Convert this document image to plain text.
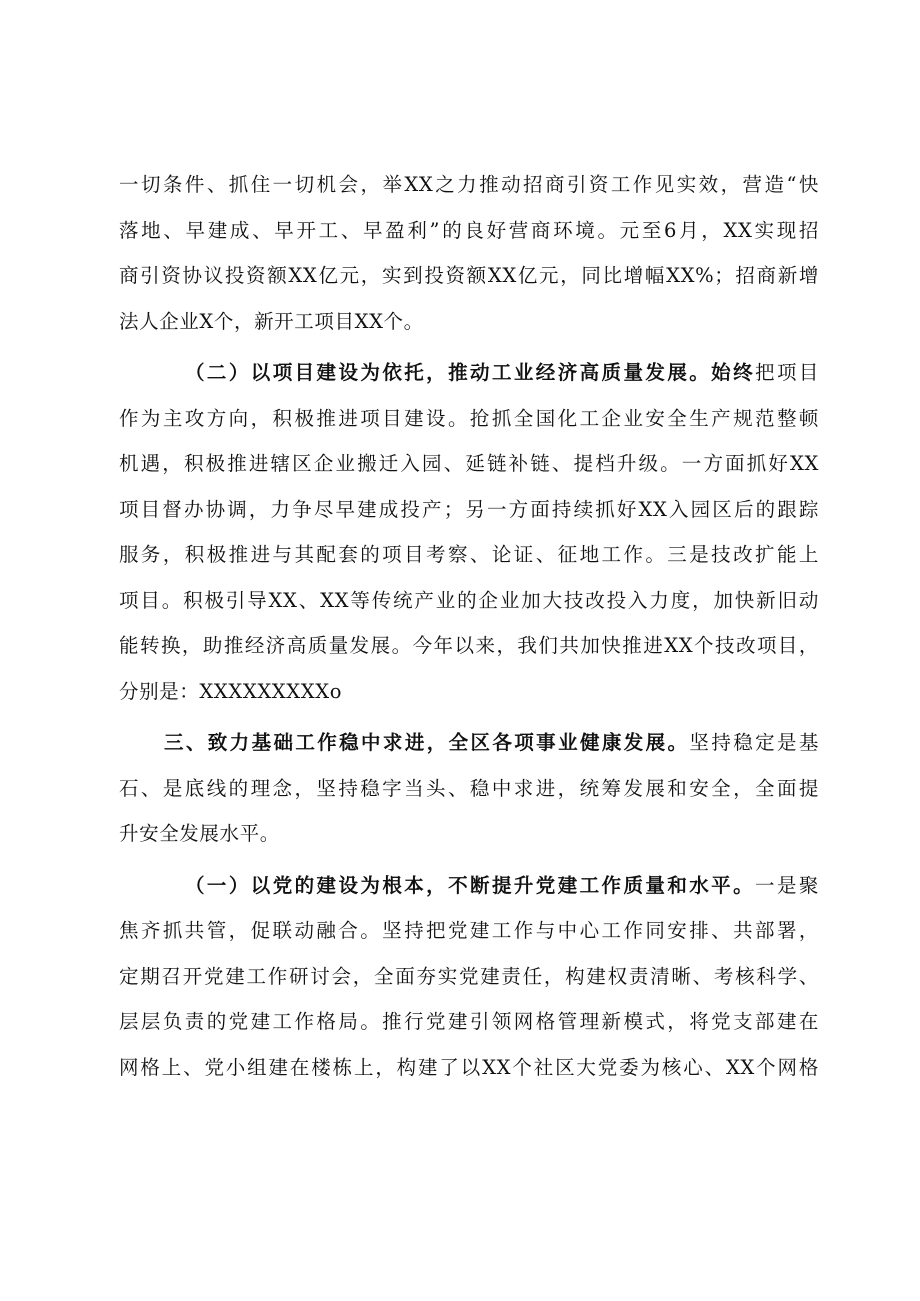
一切条件、抓住一切机会，举XX之力推动招商引资工作见实效，营造“快
落地、早建成、早开工、早盈利”的良好营商环境。元至6月，XX实现招
商引资协议投资额XX亿元，实到投资额XX亿元，同比增幅XX%；招商新增
法人企业X个，新开工项目XX个。
（二）以项目建设为依托，推动工业经济高质量发展。始终把项目
作为主攻方向，积极推进项目建设。抢抓全国化工企业安全生产规范整顿
机遇，积极推进辖区企业搬迁入园、延链补链、提档升级。一方面抓好XX
项目督办协调，力争尽早建成投产；另一方面持续抓好XX入园区后的跟踪
服务，积极推进与其配套的项目考察、论证、征地工作。三是技改扩能上
项目。积极引导XX、XX等传统产业的企业加大技改投入力度，加快新旧动
能转换，助推经济高质量发展。今年以来，我们共加快推进XX个技改项目，
分别是：XXXXXXXXXo
三、致力基础工作稳中求进，全区各项事业健康发展。坚持稳定是基
石、是底线的理念，坚持稳字当头、稳中求进，统筹发展和安全，全面提
升安全发展水平。
（一）以党的建设为根本，不断提升党建工作质量和水平。一是聚
焦齐抓共管，促联动融合。坚持把党建工作与中心工作同安排、共部署，
定期召开党建工作研讨会，全面夯实党建责任，构建权责清晰、考核科学、
层层负责的党建工作格局。推行党建引领网格管理新模式，将党支部建在
网格上、党小组建在楼栋上，构建了以XX个社区大党委为核心、XX个网格
